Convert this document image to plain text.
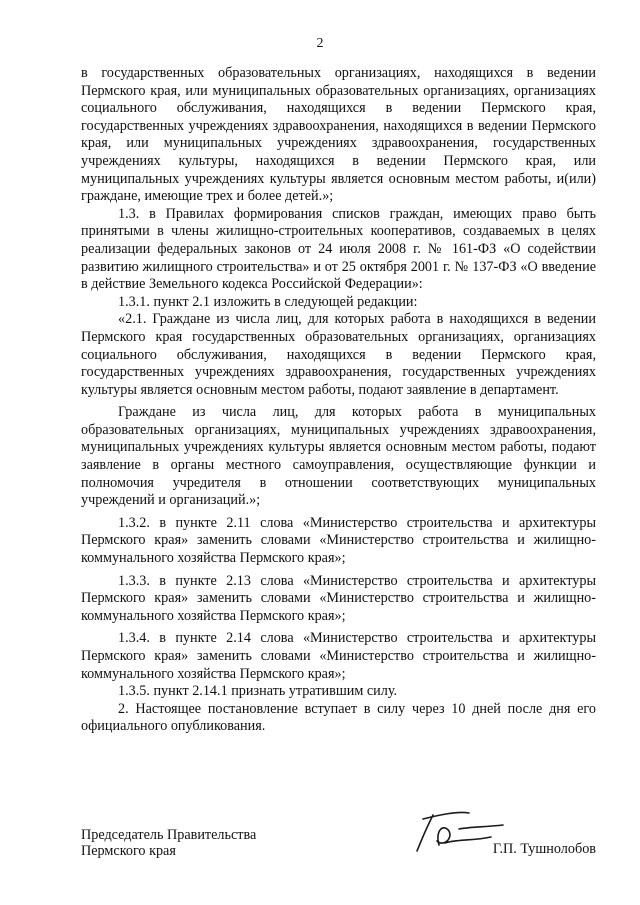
2

в государственных образовательных организациях, находящихся в ведении Пермского края, или муниципальных образовательных организациях, организациях социального обслуживания, находящихся в ведении Пермского края, государственных учреждениях здравоохранения, находящихся в ведении Пермского края, или муниципальных учреждениях здравоохранения, государственных учреждениях культуры, находящихся в ведении Пермского края, или муниципальных учреждениях культуры является основным местом работы, и(или) граждане, имеющие трех и более детей.»;

1.3. в Правилах формирования списков граждан, имеющих право быть принятыми в члены жилищно-строительных кооперативов, создаваемых в целях реализации федеральных законов от 24 июля 2008 г. № 161-ФЗ «О содействии развитию жилищного строительства» и от 25 октября 2001 г. № 137-ФЗ «О введение в действие Земельного кодекса Российской Федерации»:

1.3.1. пункт 2.1 изложить в следующей редакции:

«2.1. Граждане из числа лиц, для которых работа в находящихся в ведении Пермского края государственных образовательных организациях, организациях социального обслуживания, находящихся в ведении Пермского края, государственных учреждениях здравоохранения, государственных учреждениях культуры является основным местом работы, подают заявление в департамент.

Граждане из числа лиц, для которых работа в муниципальных образовательных организациях, муниципальных учреждениях здравоохранения, муниципальных учреждениях культуры является основным местом работы, подают заявление в органы местного самоуправления, осуществляющие функции и полномочия учредителя в отношении соответствующих муниципальных учреждений и организаций.»;

1.3.2. в пункте 2.11 слова «Министерство строительства и архитектуры Пермского края» заменить словами «Министерство строительства и жилищно-коммунального хозяйства Пермского края»;

1.3.3. в пункте 2.13 слова «Министерство строительства и архитектуры Пермского края» заменить словами «Министерство строительства и жилищно-коммунального хозяйства Пермского края»;

1.3.4. в пункте 2.14 слова «Министерство строительства и архитектуры Пермского края» заменить словами «Министерство строительства и жилищно-коммунального хозяйства Пермского края»;

1.3.5. пункт 2.14.1 признать утратившим силу.

2. Настоящее постановление вступает в силу через 10 дней после дня его официального опубликования.

Председатель Правительства
Пермского края	Г.П. Тушнолобов
